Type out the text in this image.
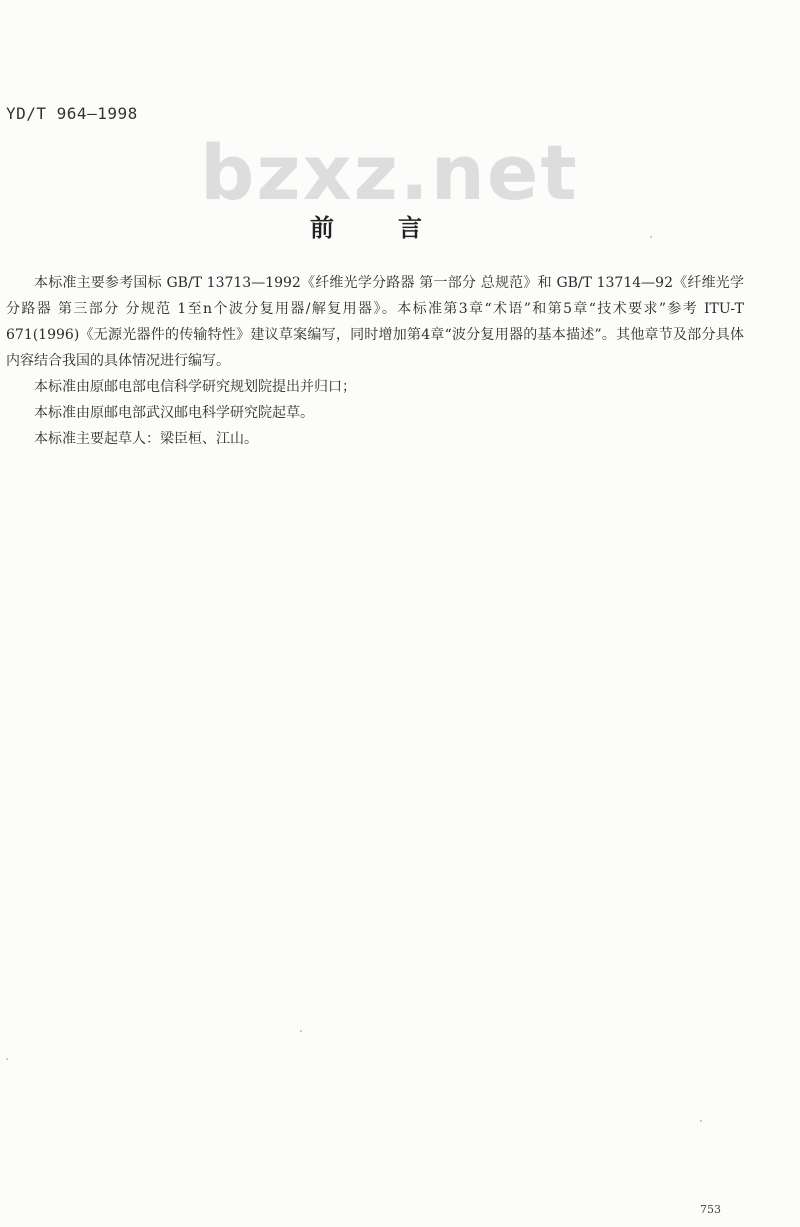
YD/T 964—1998
bzxz.net
前	言

本标准主要参考国标 GB/T 13713—1992《纤维光学分路器 第一部分 总规范》和 GB/T 13714—92《纤维光学分路器 第三部分 分规范 1至n个波分复用器/解复用器》。本标准第3章“术语”和第5章“技术要求”参考 ITU-T 671(1996)《无源光器件的传输特性》建议草案编写，同时增加第4章“波分复用器的基本描述”。其他章节及部分具体内容结合我国的具体情况进行编写。

本标准由原邮电部电信科学研究规划院提出并归口；

本标准由原邮电部武汉邮电科学研究院起草。

本标准主要起草人：梁臣桓、江山。

753
